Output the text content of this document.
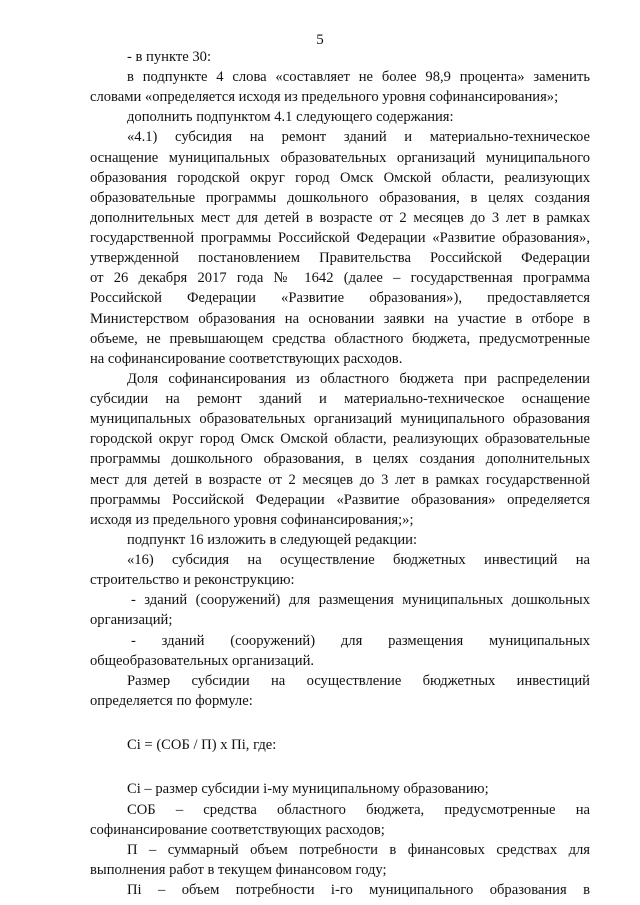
5
- в пункте 30:
в подпункте 4 слова «составляет не более 98,9 процента» заменить
словами «определяется исходя из предельного уровня софинансирования»;
дополнить подпунктом 4.1 следующего содержания:
«4.1) субсидия на ремонт зданий и материально-техническое
оснащение муниципальных образовательных организаций муниципального
образования городской округ город Омск Омской области, реализующих
образовательные программы дошкольного образования, в целях создания
дополнительных мест для детей в возрасте от 2 месяцев до 3 лет в рамках
государственной программы Российской Федерации «Развитие образования»,
утвержденной постановлением Правительства Российской Федерации
от 26 декабря 2017 года № 1642 (далее – государственная программа
Российской Федерации «Развитие образования»), предоставляется
Министерством образования на основании заявки на участие в отборе в
объеме, не превышающем средства областного бюджета, предусмотренные
на софинансирование соответствующих расходов.
Доля софинансирования из областного бюджета при распределении
субсидии на ремонт зданий и материально-техническое оснащение
муниципальных образовательных организаций муниципального образования
городской округ город Омск Омской области, реализующих образовательные
программы дошкольного образования, в целях создания дополнительных
мест для детей в возрасте от 2 месяцев до 3 лет в рамках государственной
программы Российской Федерации «Развитие образования» определяется
исходя из предельного уровня софинансирования;»;
подпункт 16 изложить в следующей редакции:
«16) субсидия на осуществление бюджетных инвестиций на
строительство и реконструкцию:
- зданий (сооружений) для размещения муниципальных дошкольных
организаций;
- зданий (сооружений) для размещения муниципальных
общеобразовательных организаций.
Размер субсидии на осуществление бюджетных инвестиций
определяется по формуле:
Ci = (СОБ / П) x Пi, где:
Ci – размер субсидии i-му муниципальному образованию;
СОБ – средства областного бюджета, предусмотренные на
софинансирование соответствующих расходов;
П – суммарный объем потребности в финансовых средствах для
выполнения работ в текущем финансовом году;
Пi – объем потребности i-го муниципального образования в
